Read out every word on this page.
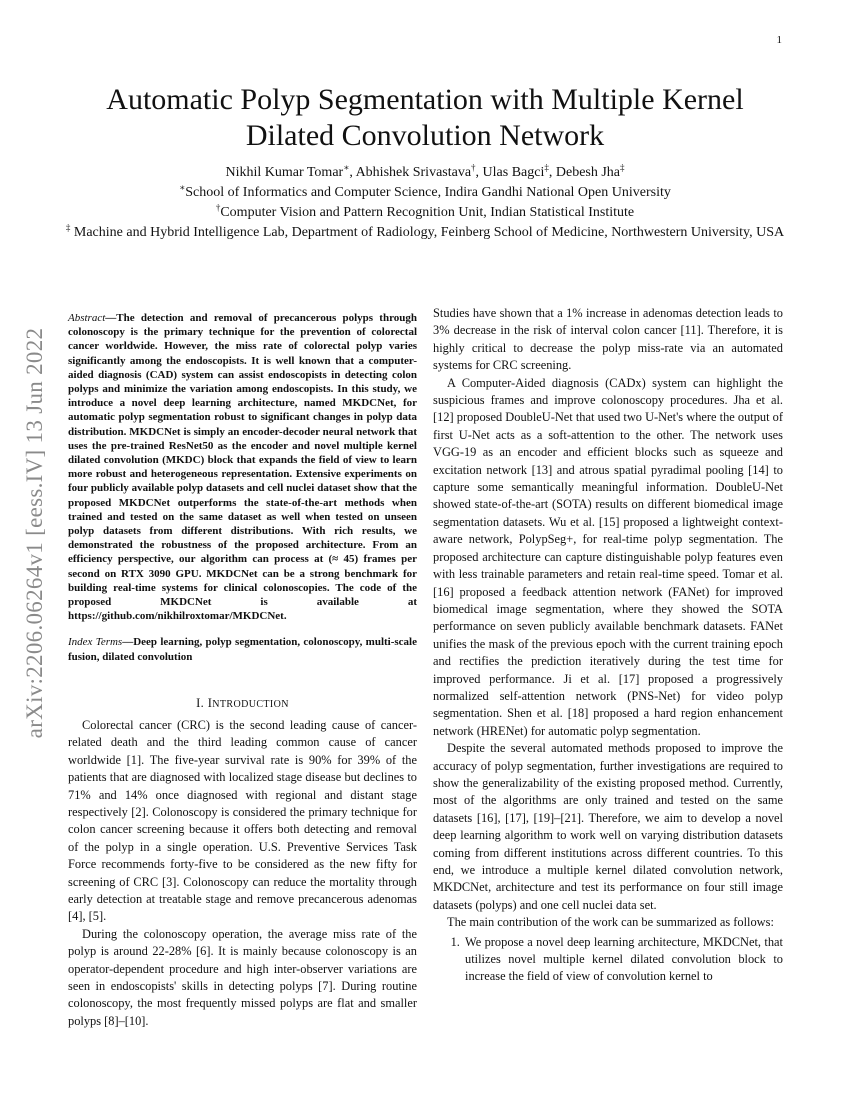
1
arXiv:2206.06264v1 [eess.IV] 13 Jun 2022
Automatic Polyp Segmentation with Multiple Kernel Dilated Convolution Network
Nikhil Kumar Tomar∗, Abhishek Srivastava†, Ulas Bagci‡, Debesh Jha‡
∗School of Informatics and Computer Science, Indira Gandhi National Open University
†Computer Vision and Pattern Recognition Unit, Indian Statistical Institute
‡ Machine and Hybrid Intelligence Lab, Department of Radiology, Feinberg School of Medicine, Northwestern University, USA

Abstract—The detection and removal of precancerous polyps through colonoscopy is the primary technique for the prevention of colorectal cancer worldwide. However, the miss rate of colorectal polyp varies significantly among the endoscopists. It is well known that a computer-aided diagnosis (CAD) system can assist endoscopists in detecting colon polyps and minimize the variation among endoscopists. In this study, we introduce a novel deep learning architecture, named MKDCNet, for automatic polyp segmentation robust to significant changes in polyp data distribution. MKDCNet is simply an encoder-decoder neural network that uses the pre-trained ResNet50 as the encoder and novel multiple kernel dilated convolution (MKDC) block that expands the field of view to learn more robust and heterogeneous representation. Extensive experiments on four publicly available polyp datasets and cell nuclei dataset show that the proposed MKDCNet outperforms the state-of-the-art methods when trained and tested on the same dataset as well when tested on unseen polyp datasets from different distributions. With rich results, we demonstrated the robustness of the proposed architecture. From an efficiency perspective, our algorithm can process at (≈ 45) frames per second on RTX 3090 GPU. MKDCNet can be a strong benchmark for building real-time systems for clinical colonoscopies. The code of the proposed MKDCNet is available at https://github.com/nikhilroxtomar/MKDCNet.

Index Terms—Deep learning, polyp segmentation, colonoscopy, multi-scale fusion, dilated convolution

I. INTRODUCTION

Colorectal cancer (CRC) is the second leading cause of cancer-related death and the third leading common cause of cancer worldwide [1]. The five-year survival rate is 90% for 39% of the patients that are diagnosed with localized stage disease but declines to 71% and 14% once diagnosed with regional and distant stage respectively [2]. Colonoscopy is considered the primary technique for colon cancer screening because it offers both detecting and removal of the polyp in a single operation. U.S. Preventive Services Task Force recommends forty-five to be considered as the new fifty for screening of CRC [3]. Colonoscopy can reduce the mortality through early detection at treatable stage and remove precancerous adenomas [4], [5].

During the colonoscopy operation, the average miss rate of the polyp is around 22-28% [6]. It is mainly because colonoscopy is an operator-dependent procedure and high inter-observer variations are seen in endoscopists' skills in detecting polyps [7]. During routine colonoscopy, the most frequently missed polyps are flat and smaller polyps [8]–[10].

Studies have shown that a 1% increase in adenomas detection leads to 3% decrease in the risk of interval colon cancer [11]. Therefore, it is highly critical to decrease the polyp miss-rate via an automated systems for CRC screening.

A Computer-Aided diagnosis (CADx) system can highlight the suspicious frames and improve colonoscopy procedures. Jha et al. [12] proposed DoubleU-Net that used two U-Net's where the output of first U-Net acts as a soft-attention to the other. The network uses VGG-19 as an encoder and efficient blocks such as squeeze and excitation network [13] and atrous spatial pyradimal pooling [14] to capture some semantically meaningful information. DoubleU-Net showed state-of-the-art (SOTA) results on different biomedical image segmentation datasets. Wu et al. [15] proposed a lightweight context-aware network, PolypSeg+, for real-time polyp segmentation. The proposed architecture can capture distinguishable polyp features even with less trainable parameters and retain real-time speed. Tomar et al. [16] proposed a feedback attention network (FANet) for improved biomedical image segmentation, where they showed the SOTA performance on seven publicly available benchmark datasets. FANet unifies the mask of the previous epoch with the current training epoch and rectifies the prediction iteratively during the test time for improved performance. Ji et al. [17] proposed a progressively normalized self-attention network (PNS-Net) for video polyp segmentation. Shen et al. [18] proposed a hard region enhancement network (HRENet) for automatic polyp segmentation.

Despite the several automated methods proposed to improve the accuracy of polyp segmentation, further investigations are required to show the generalizability of the existing proposed method. Currently, most of the algorithms are only trained and tested on the same datasets [16], [17], [19]–[21]. Therefore, we aim to develop a novel deep learning algorithm to work well on varying distribution datasets coming from different institutions across different countries. To this end, we introduce a multiple kernel dilated convolution network, MKDCNet, architecture and test its performance on four still image datasets (polyps) and one cell nuclei data set.

The main contribution of the work can be summarized as follows:

1. We propose a novel deep learning architecture, MKDCNet, that utilizes novel multiple kernel dilated convolution block to increase the field of view of convolution kernel to
